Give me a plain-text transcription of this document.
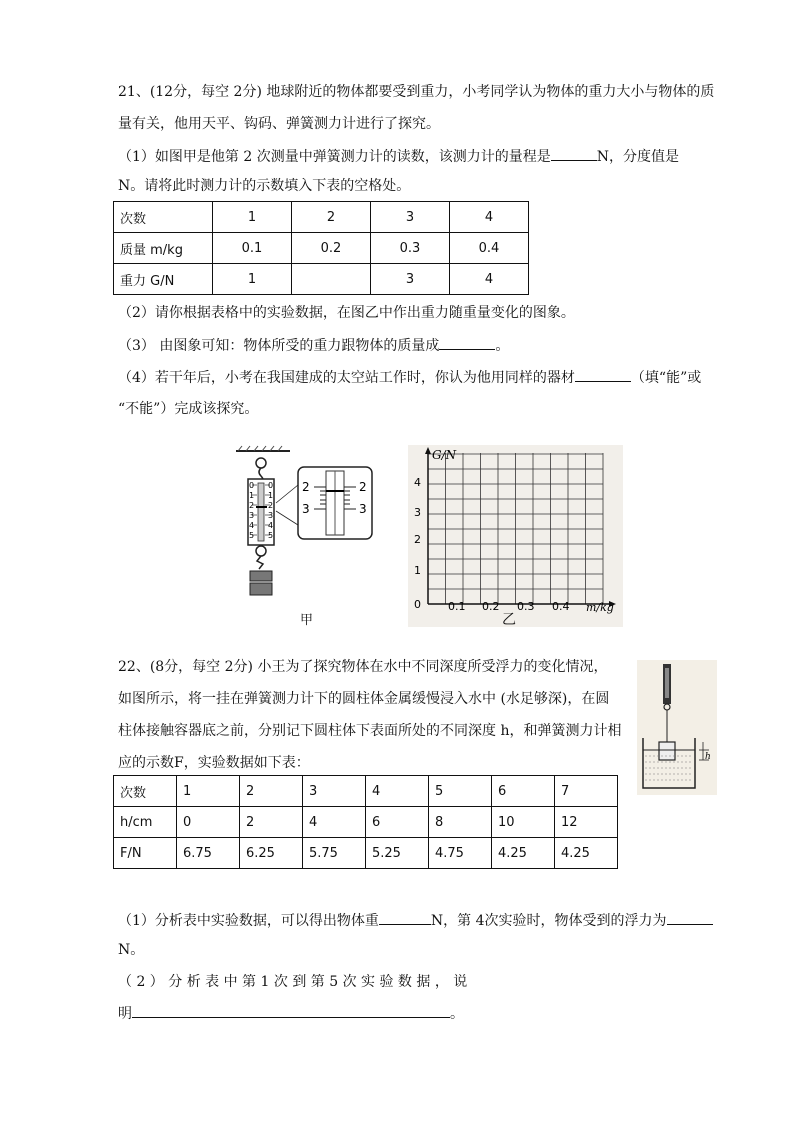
21、(12分，每空 2分) 地球附近的物体都要受到重力，小考同学认为物体的重力大小与物体的质

量有关，他用天平、钩码、弹簧测力计进行了探究。

（1）如图甲是他第 2 次测量中弹簧测力计的读数，该测力计的量程是	N，分度值是

N。请将此时测力计的示数填入下表的空格处。

次数	1	2	3	4
质量 m/kg	0.1	0.2	0.3	0.4
重力 G/N	1		3	4

（2）请你根据表格中的实验数据，在图乙中作出重力随重量变化的图象。

（3） 由图象可知：物体所受的重力跟物体的质量成	。

（4）若干年后，小考在我国建成的太空站工作时，你认为他用同样的器材	（填“能”或

“不能”）完成该探究。

2
3
2
3
0
1
2
3
4
5
0
1
2
3
4
5
甲
G/N
m/kg
0
1
2
3
4
0.1 0.2 0.3 0.4
乙

22、(8分，每空 2分) 小王为了探究物体在水中不同深度所受浮力的变化情况，

如图所示，将一挂在弹簧测力计下的圆柱体金属缓慢浸入水中 (水足够深)，在圆

柱体接触容器底之前，分别记下圆柱体下表面所处的不同深度 h，和弹簧测力计相

应的示数F，实验数据如下表：	h
次数	1	2	3	4	5	6	7
h/cm	0	2	4	6	8	10	12
F/N	6.75	6.25	5.75	5.25	4.75	4.25	4.25

（1）分析表中实验数据，可以得出物体重	N，第 4次实验时，物体受到的浮力为

N。

（ 2 ） 分 析 表 中 第 1 次 到 第 5 次 实 验 数 据 ， 说

明	。
